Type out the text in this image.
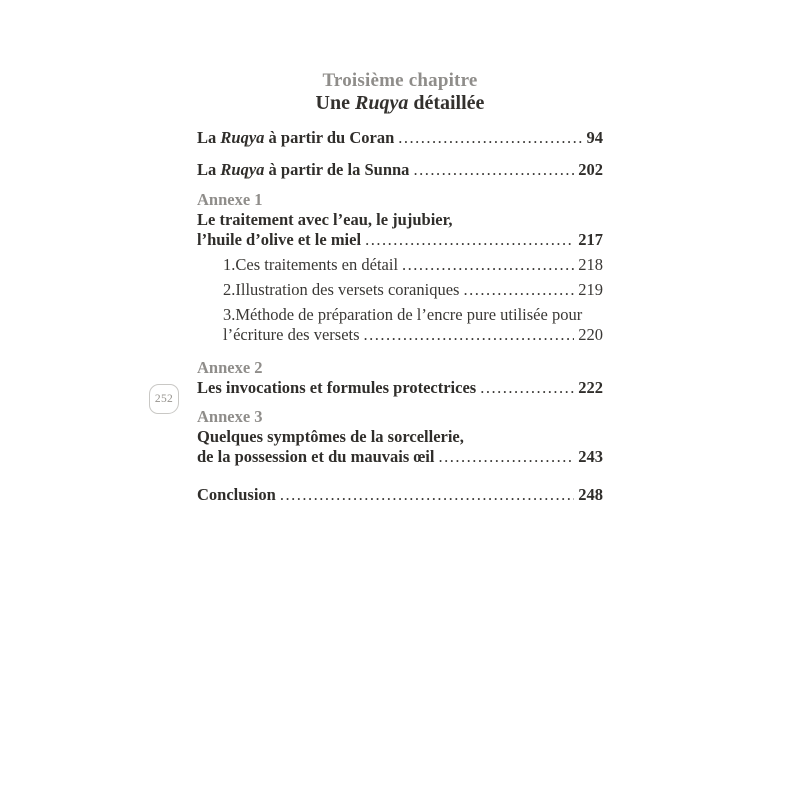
252
Troisième chapitre
Une Ruqya détaillée
La Ruqya à partir du Coran .....	94
La Ruqya à partir de la Sunna .....	202
Annexe 1
Le traitement avec l’eau, le jujubier,
l’huile d’olive et le miel .....	217
1.Ces traitements en détail .....	218
2.Illustration des versets coraniques .....	219
3.Méthode de préparation de l’encre pure utilisée pour
l’écriture des versets .....	220
Annexe 2
Les invocations et formules protectrices .....	222
Annexe 3
Quelques symptômes de la sorcellerie,
de la possession et du mauvais œil .....	243
Conclusion .....	248
